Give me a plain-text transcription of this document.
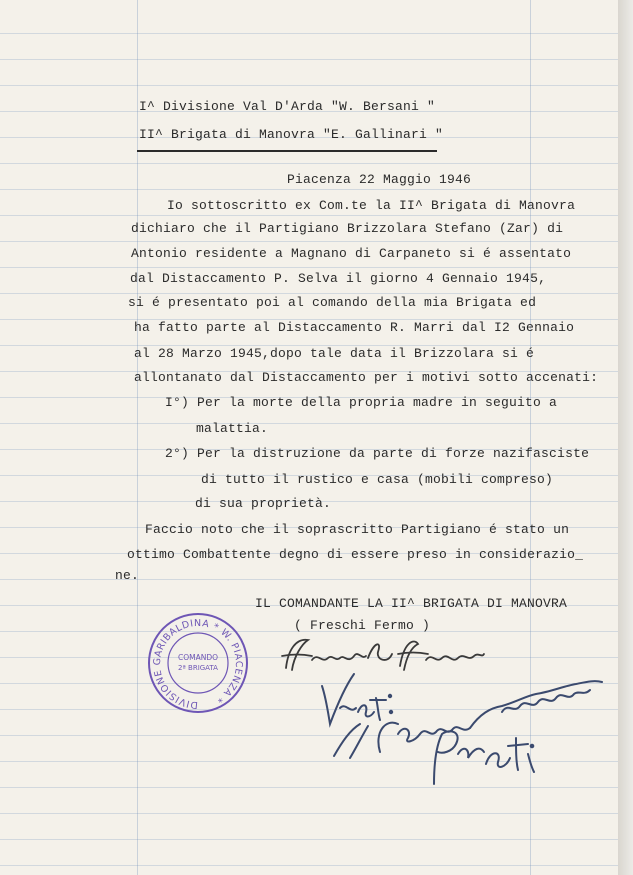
I^ Divisione Val D'Arda "W. Bersani "

II^ Brigata di Manovra "E. Gallinari "

Piacenza 22 Maggio 1946

Io sottoscritto ex Com.te la II^ Brigata di Manovra

dichiaro che il Partigiano Brizzolara Stefano (Zar) di

Antonio residente a Magnano di Carpaneto si é assentato

dal Distaccamento P. Selva il giorno 4 Gennaio 1945,

si é presentato poi al comando della mia Brigata ed

ha fatto parte al Distaccamento R. Marri dal I2 Gennaio

al 28 Marzo 1945,dopo tale data il Brizzolara si é

allontanato dal Distaccamento per i motivi sotto accenati:

I°) Per la morte della propria madre in seguito a

malattia.

2°) Per la distruzione da parte di forze nazifasciste

di tutto il rustico e casa (mobili compreso)

di sua proprietà.

Faccio noto che il soprascritto Partigiano é stato un

ottimo Combattente degno di essere preso in considerazio_

ne.

IL COMANDANTE LA II^ BRIGATA DI MANOVRA

( Freschi Fermo )

DIVISIONE GARIBALDINA * W. PIACENZA *
COMANDO
2ª BRIGATA
